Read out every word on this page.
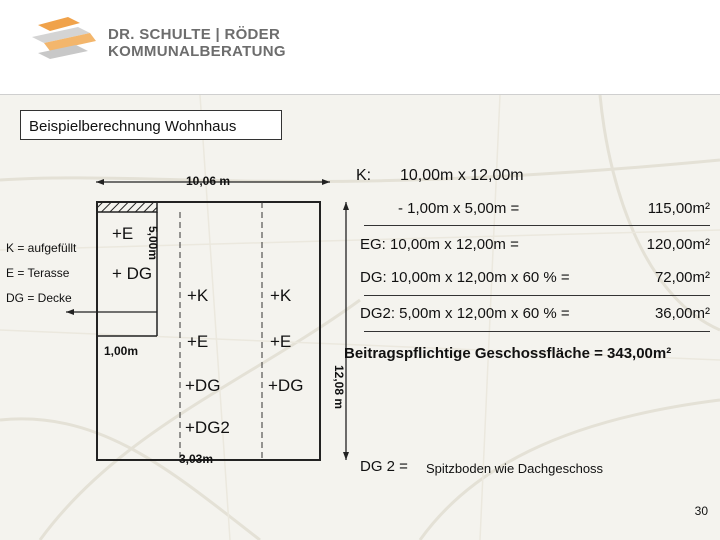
DR. SCHULTE | RÖDER
KOMMUNALBERATUNG
Beispielberechnung Wohnhaus
10,06 m
5,00m
12,08 m
1,00m
3,03m
K = aufgefüllt
E = Terasse
DG = Decke
+E
+ DG
+K
+E
+DG
+DG2
+K
+E
+DG
K: 10,00m x 12,00m
- 1,00m x 5,00m =	115,00m²
EG: 10,00m x 12,00m =	120,00m²
DG: 10,00m x 12,00m x 60 % =	72,00m²
DG2: 5,00m x 12,00m x 60 % =	36,00m²
Beitragspflichtige Geschossfläche = 343,00m²
DG 2 = Spitzboden wie Dachgeschoss
30
